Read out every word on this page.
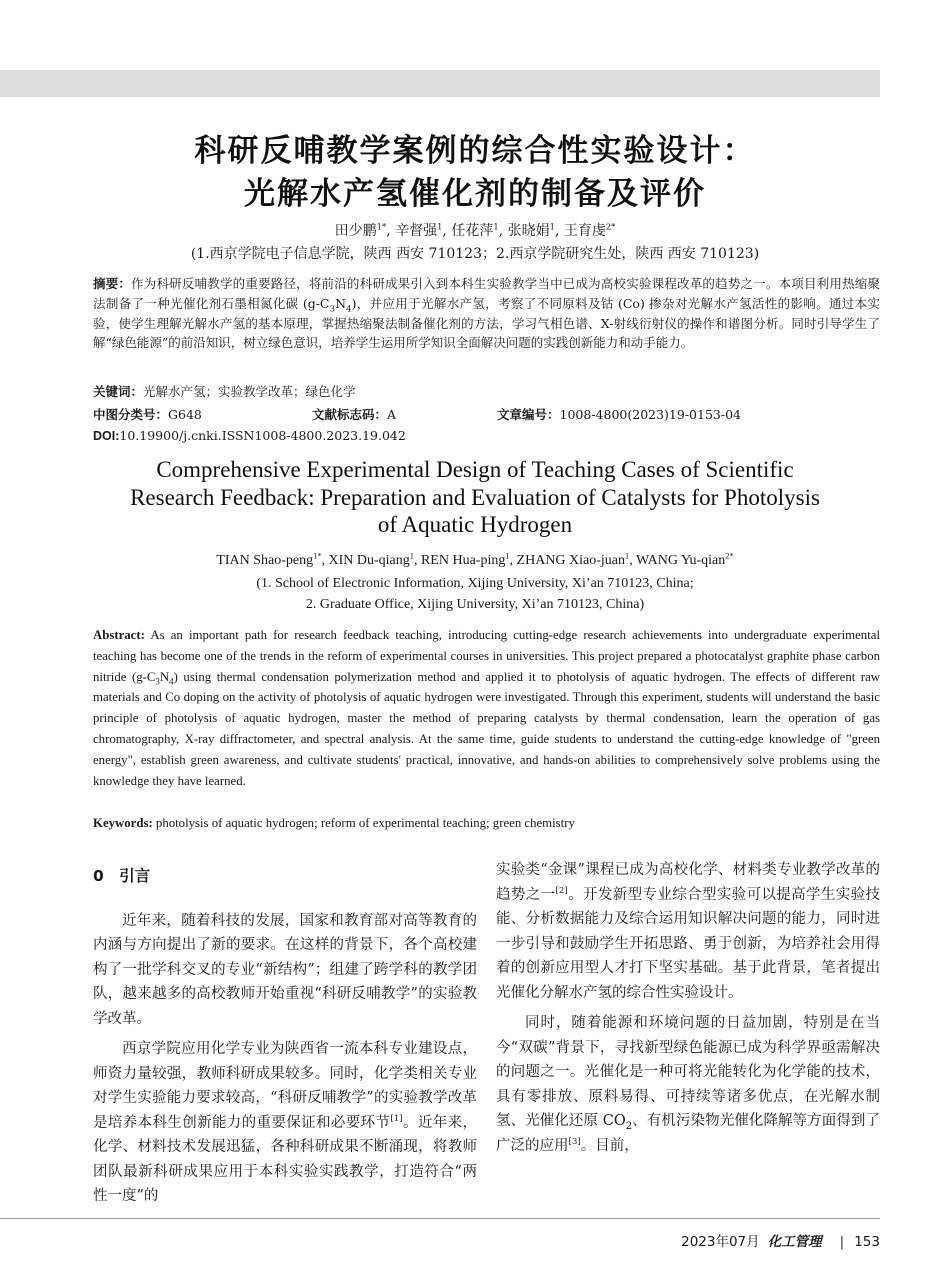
科研反哺教学案例的综合性实验设计：
光解水产氢催化剂的制备及评价
田少鹏$^{1*}$, 辛督强$^1$, 任花萍$^1$, 张晓娟$^1$, 王育虔$^{2*}$
(1.西京学院电子信息学院，陕西 西安 710123；2.西京学院研究生处，陕西 西安 710123)
摘要：作为科研反哺教学的重要路径，将前沿的科研成果引入到本科生实验教学当中已成为高校实验课程改革的趋势之一。本项目利用热缩聚法制备了一种光催化剂石墨相氮化碳 $(g-C_3N_4)$，并应用于光解水产氢，考察了不同原料及钴 (Co) 掺杂对光解水产氢活性的影响。通过本实验，使学生理解光解水产氢的基本原理，掌握热缩聚法制备催化剂的方法，学习气相色谱、X-射线衍射仪的操作和谱图分析。同时引导学生了解“绿色能源”的前沿知识，树立绿色意识，培养学生运用所学知识全面解决问题的实践创新能力和动手能力。
关键词：光解水产氢；实验教学改革；绿色化学
中图分类号：G648	文献标志码：A	文章编号：1008-4800(2023)19-0153-04
DOI:10.19900/j.cnki.ISSN1008-4800.2023.19.042
Comprehensive Experimental Design of Teaching Cases of Scientific
Research Feedback: Preparation and Evaluation of Catalysts for Photolysis
of Aquatic Hydrogen
TIAN Shao-peng$^{1*}$, XIN Du-qiang$^1$, REN Hua-ping$^1$, ZHANG Xiao-juan$^1$, WANG Yu-qian$^{2*}$
(1. School of Electronic Information, Xijing University, Xi’an 710123, China;
2. Graduate Office, Xijing University, Xi’an 710123, China)
Abstract: As an important path for research feedback teaching, introducing cutting-edge research achievements into undergraduate experimental teaching has become one of the trends in the reform of experimental courses in universities. This project prepared a photocatalyst graphite phase carbon nitride $(g-C_3N_4)$ using thermal condensation polymerization method and applied it to photolysis of aquatic hydrogen. The effects of different raw materials and Co doping on the activity of photolysis of aquatic hydrogen were investigated. Through this experiment, students will understand the basic principle of photolysis of aquatic hydrogen, master the method of preparing catalysts by thermal condensation, learn the operation of gas chromatography, X-ray diffractometer, and spectral analysis. At the same time, guide students to understand the cutting-edge knowledge of "green energy", establish green awareness, and cultivate students' practical, innovative, and hands-on abilities to comprehensively solve problems using the knowledge they have learned.
Keywords: photolysis of aquatic hydrogen; reform of experimental teaching; green chemistry

0　引言

近年来，随着科技的发展，国家和教育部对高等教育的内涵与方向提出了新的要求。在这样的背景下，各个高校建构了一批学科交叉的专业“新结构”；组建了跨学科的教学团队，越来越多的高校教师开始重视“科研反哺教学”的实验教学改革。

西京学院应用化学专业为陕西省一流本科专业建设点，师资力量较强，教师科研成果较多。同时，化学类相关专业对学生实验能力要求较高，“科研反哺教学”的实验教学改革是培养本科生创新能力的重要保证和必要环节[1]。近年来，化学、材料技术发展迅猛，各种科研成果不断涌现，将教师团队最新科研成果应用于本科实验实践教学，打造符合“两性一度”的

实验类“金课”课程已成为高校化学、材料类专业教学改革的趋势之一[2]。开发新型专业综合型实验可以提高学生实验技能、分析数据能力及综合运用知识解决问题的能力，同时进一步引导和鼓励学生开拓思路、勇于创新，为培养社会用得着的创新应用型人才打下坚实基础。基于此背景，笔者提出光催化分解水产氢的综合性实验设计。

同时，随着能源和环境问题的日益加剧，特别是在当今“双碳”背景下，寻找新型绿色能源已成为科学界亟需解决的问题之一。光催化是一种可将光能转化为化学能的技术，具有零排放、原料易得、可持续等诸多优点，在光解水制氢、光催化还原 $CO_2$、有机污染物光催化降解等方面得到了广泛的应用[3]。目前，

2023年07月 化工管理 | 153
